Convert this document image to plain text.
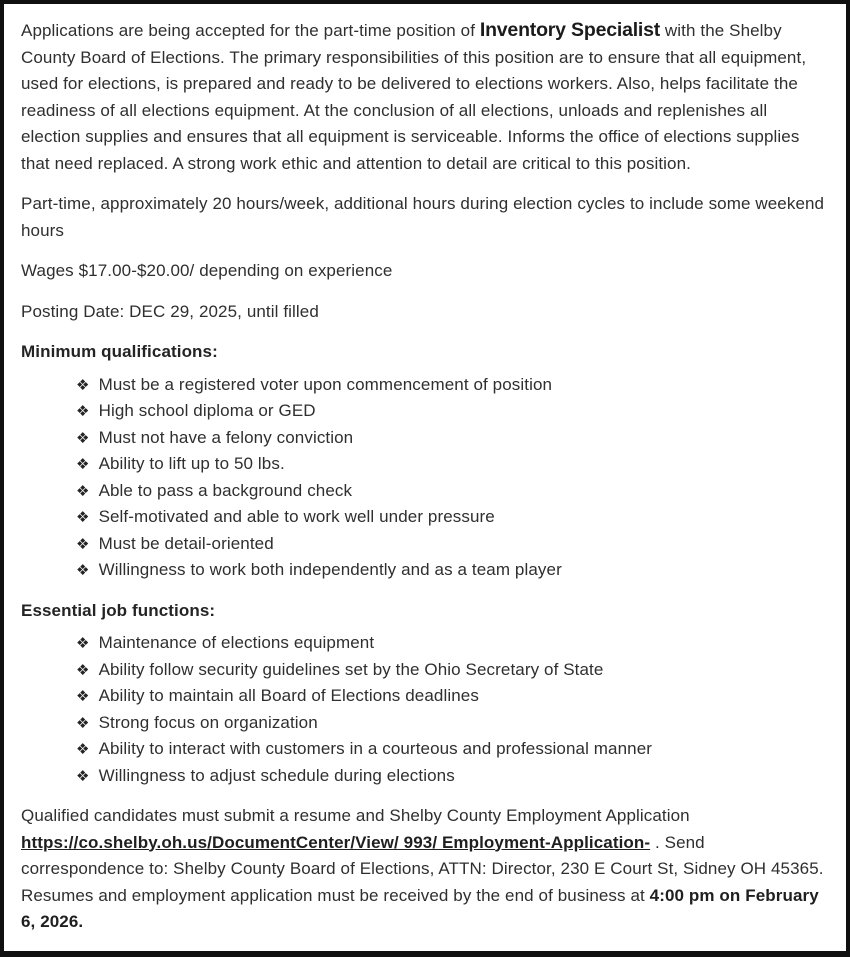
Applications are being accepted for the part-time position of Inventory Specialist with the Shelby County Board of Elections. The primary responsibilities of this position are to ensure that all equipment, used for elections, is prepared and ready to be delivered to elections workers. Also, helps facilitate the readiness of all elections equipment. At the conclusion of all elections, unloads and replenishes all election supplies and ensures that all equipment is serviceable. Informs the office of elections supplies that need replaced. A strong work ethic and attention to detail are critical to this position.

Part-time, approximately 20 hours/week, additional hours during election cycles to include some weekend hours

Wages $17.00-$20.00/ depending on experience

Posting Date: DEC 29, 2025, until filled

Minimum qualifications:

❖ Must be a registered voter upon commencement of position
❖ High school diploma or GED
❖ Must not have a felony conviction
❖ Ability to lift up to 50 lbs.
❖ Able to pass a background check
❖ Self-motivated and able to work well under pressure
❖ Must be detail-oriented
❖ Willingness to work both independently and as a team player

Essential job functions:

❖ Maintenance of elections equipment
❖ Ability follow security guidelines set by the Ohio Secretary of State
❖ Ability to maintain all Board of Elections deadlines
❖ Strong focus on organization
❖ Ability to interact with customers in a courteous and professional manner
❖ Willingness to adjust schedule during elections

Qualified candidates must submit a resume and Shelby County Employment Application https://co.shelby.oh.us/DocumentCenter/View/ 993/ Employment-Application- . Send correspondence to: Shelby County Board of Elections, ATTN: Director, 230 E Court St, Sidney OH 45365. Resumes and employment application must be received by the end of business at 4:00 pm on February 6, 2026.
